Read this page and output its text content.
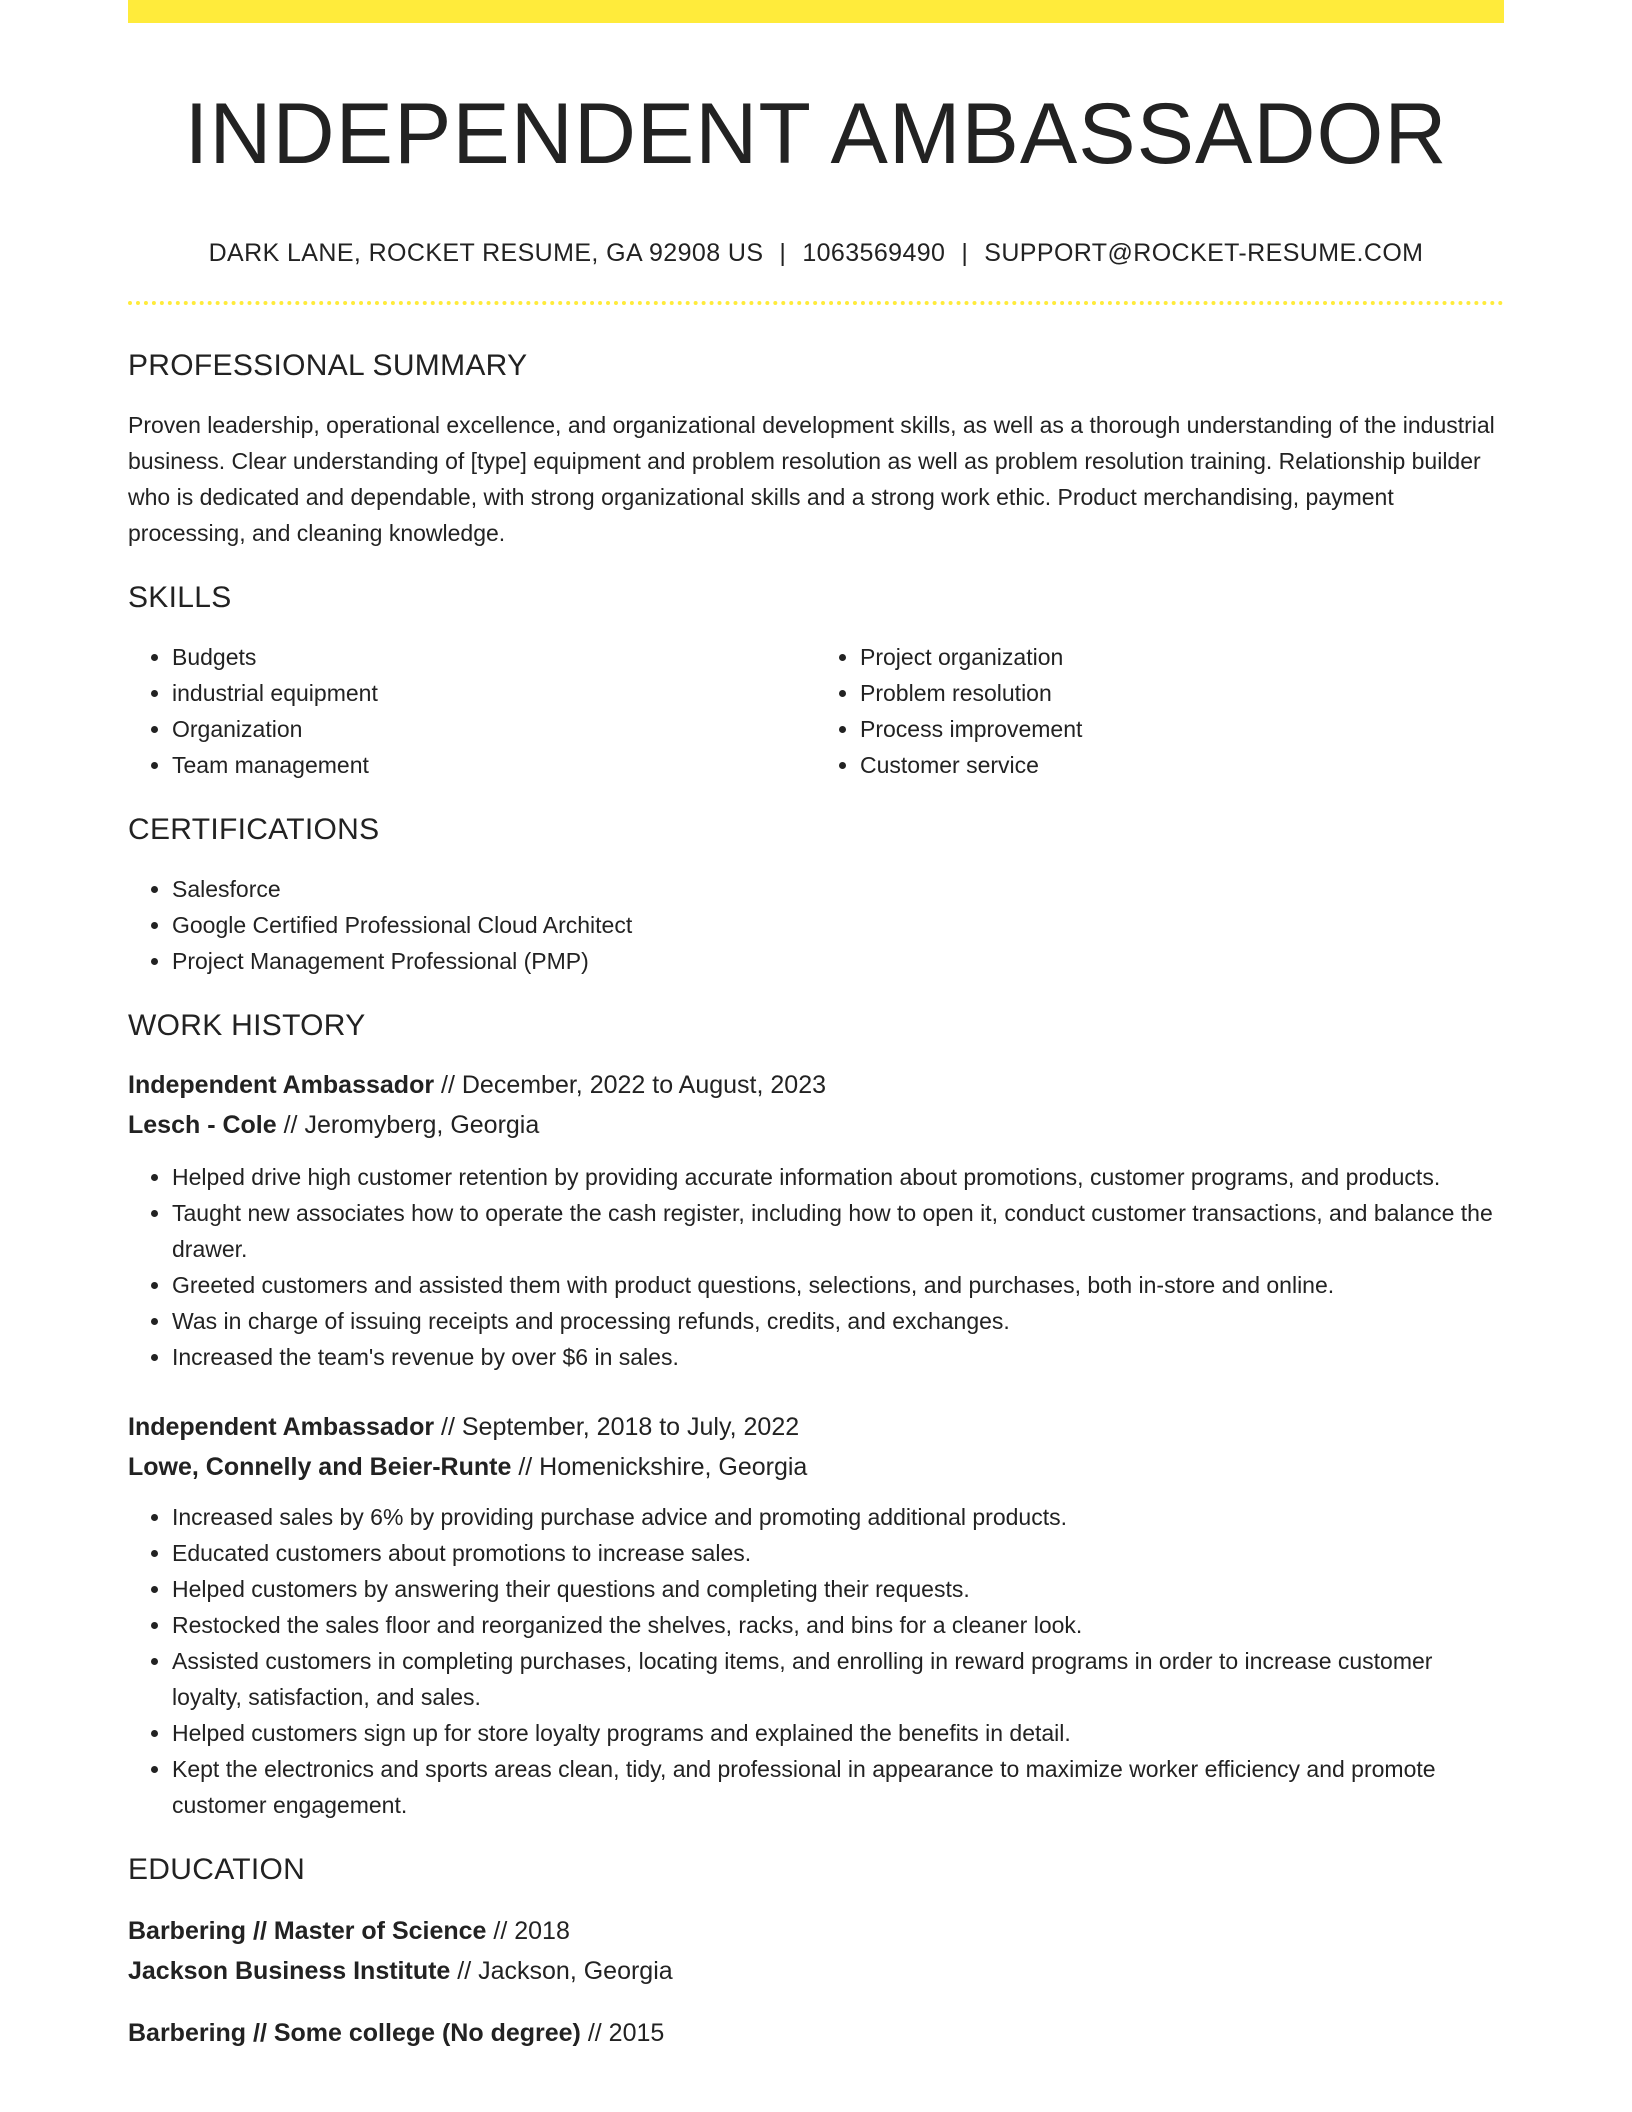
INDEPENDENT AMBASSADOR
DARK LANE, ROCKET RESUME, GA 92908 US | 1063569490 | SUPPORT@ROCKET-RESUME.COM
PROFESSIONAL SUMMARY

Proven leadership, operational excellence, and organizational development skills, as well as a thorough understanding of the industrial business. Clear understanding of [type] equipment and problem resolution as well as problem resolution training. Relationship builder who is dedicated and dependable, with strong organizational skills and a strong work ethic. Product merchandising, payment processing, and cleaning knowledge.

SKILLS
• Budgets
• industrial equipment
• Organization
• Team management
• Project organization
• Problem resolution
• Process improvement
• Customer service
CERTIFICATIONS
• Salesforce
• Google Certified Professional Cloud Architect
• Project Management Professional (PMP)
WORK HISTORY
Independent Ambassador // December, 2022 to August, 2023
Lesch - Cole // Jeromyberg, Georgia
• Helped drive high customer retention by providing accurate information about promotions, customer programs, and products.
• Taught new associates how to operate the cash register, including how to open it, conduct customer transactions, and balance the drawer.
• Greeted customers and assisted them with product questions, selections, and purchases, both in-store and online.
• Was in charge of issuing receipts and processing refunds, credits, and exchanges.
• Increased the team's revenue by over $6 in sales.
Independent Ambassador // September, 2018 to July, 2022
Lowe, Connelly and Beier-Runte // Homenickshire, Georgia
• Increased sales by 6% by providing purchase advice and promoting additional products.
• Educated customers about promotions to increase sales.
• Helped customers by answering their questions and completing their requests.
• Restocked the sales floor and reorganized the shelves, racks, and bins for a cleaner look.
• Assisted customers in completing purchases, locating items, and enrolling in reward programs in order to increase customer loyalty, satisfaction, and sales.
• Helped customers sign up for store loyalty programs and explained the benefits in detail.
• Kept the electronics and sports areas clean, tidy, and professional in appearance to maximize worker efficiency and promote customer engagement.
EDUCATION
Barbering // Master of Science // 2018
Jackson Business Institute // Jackson, Georgia
Barbering // Some college (No degree) // 2015
